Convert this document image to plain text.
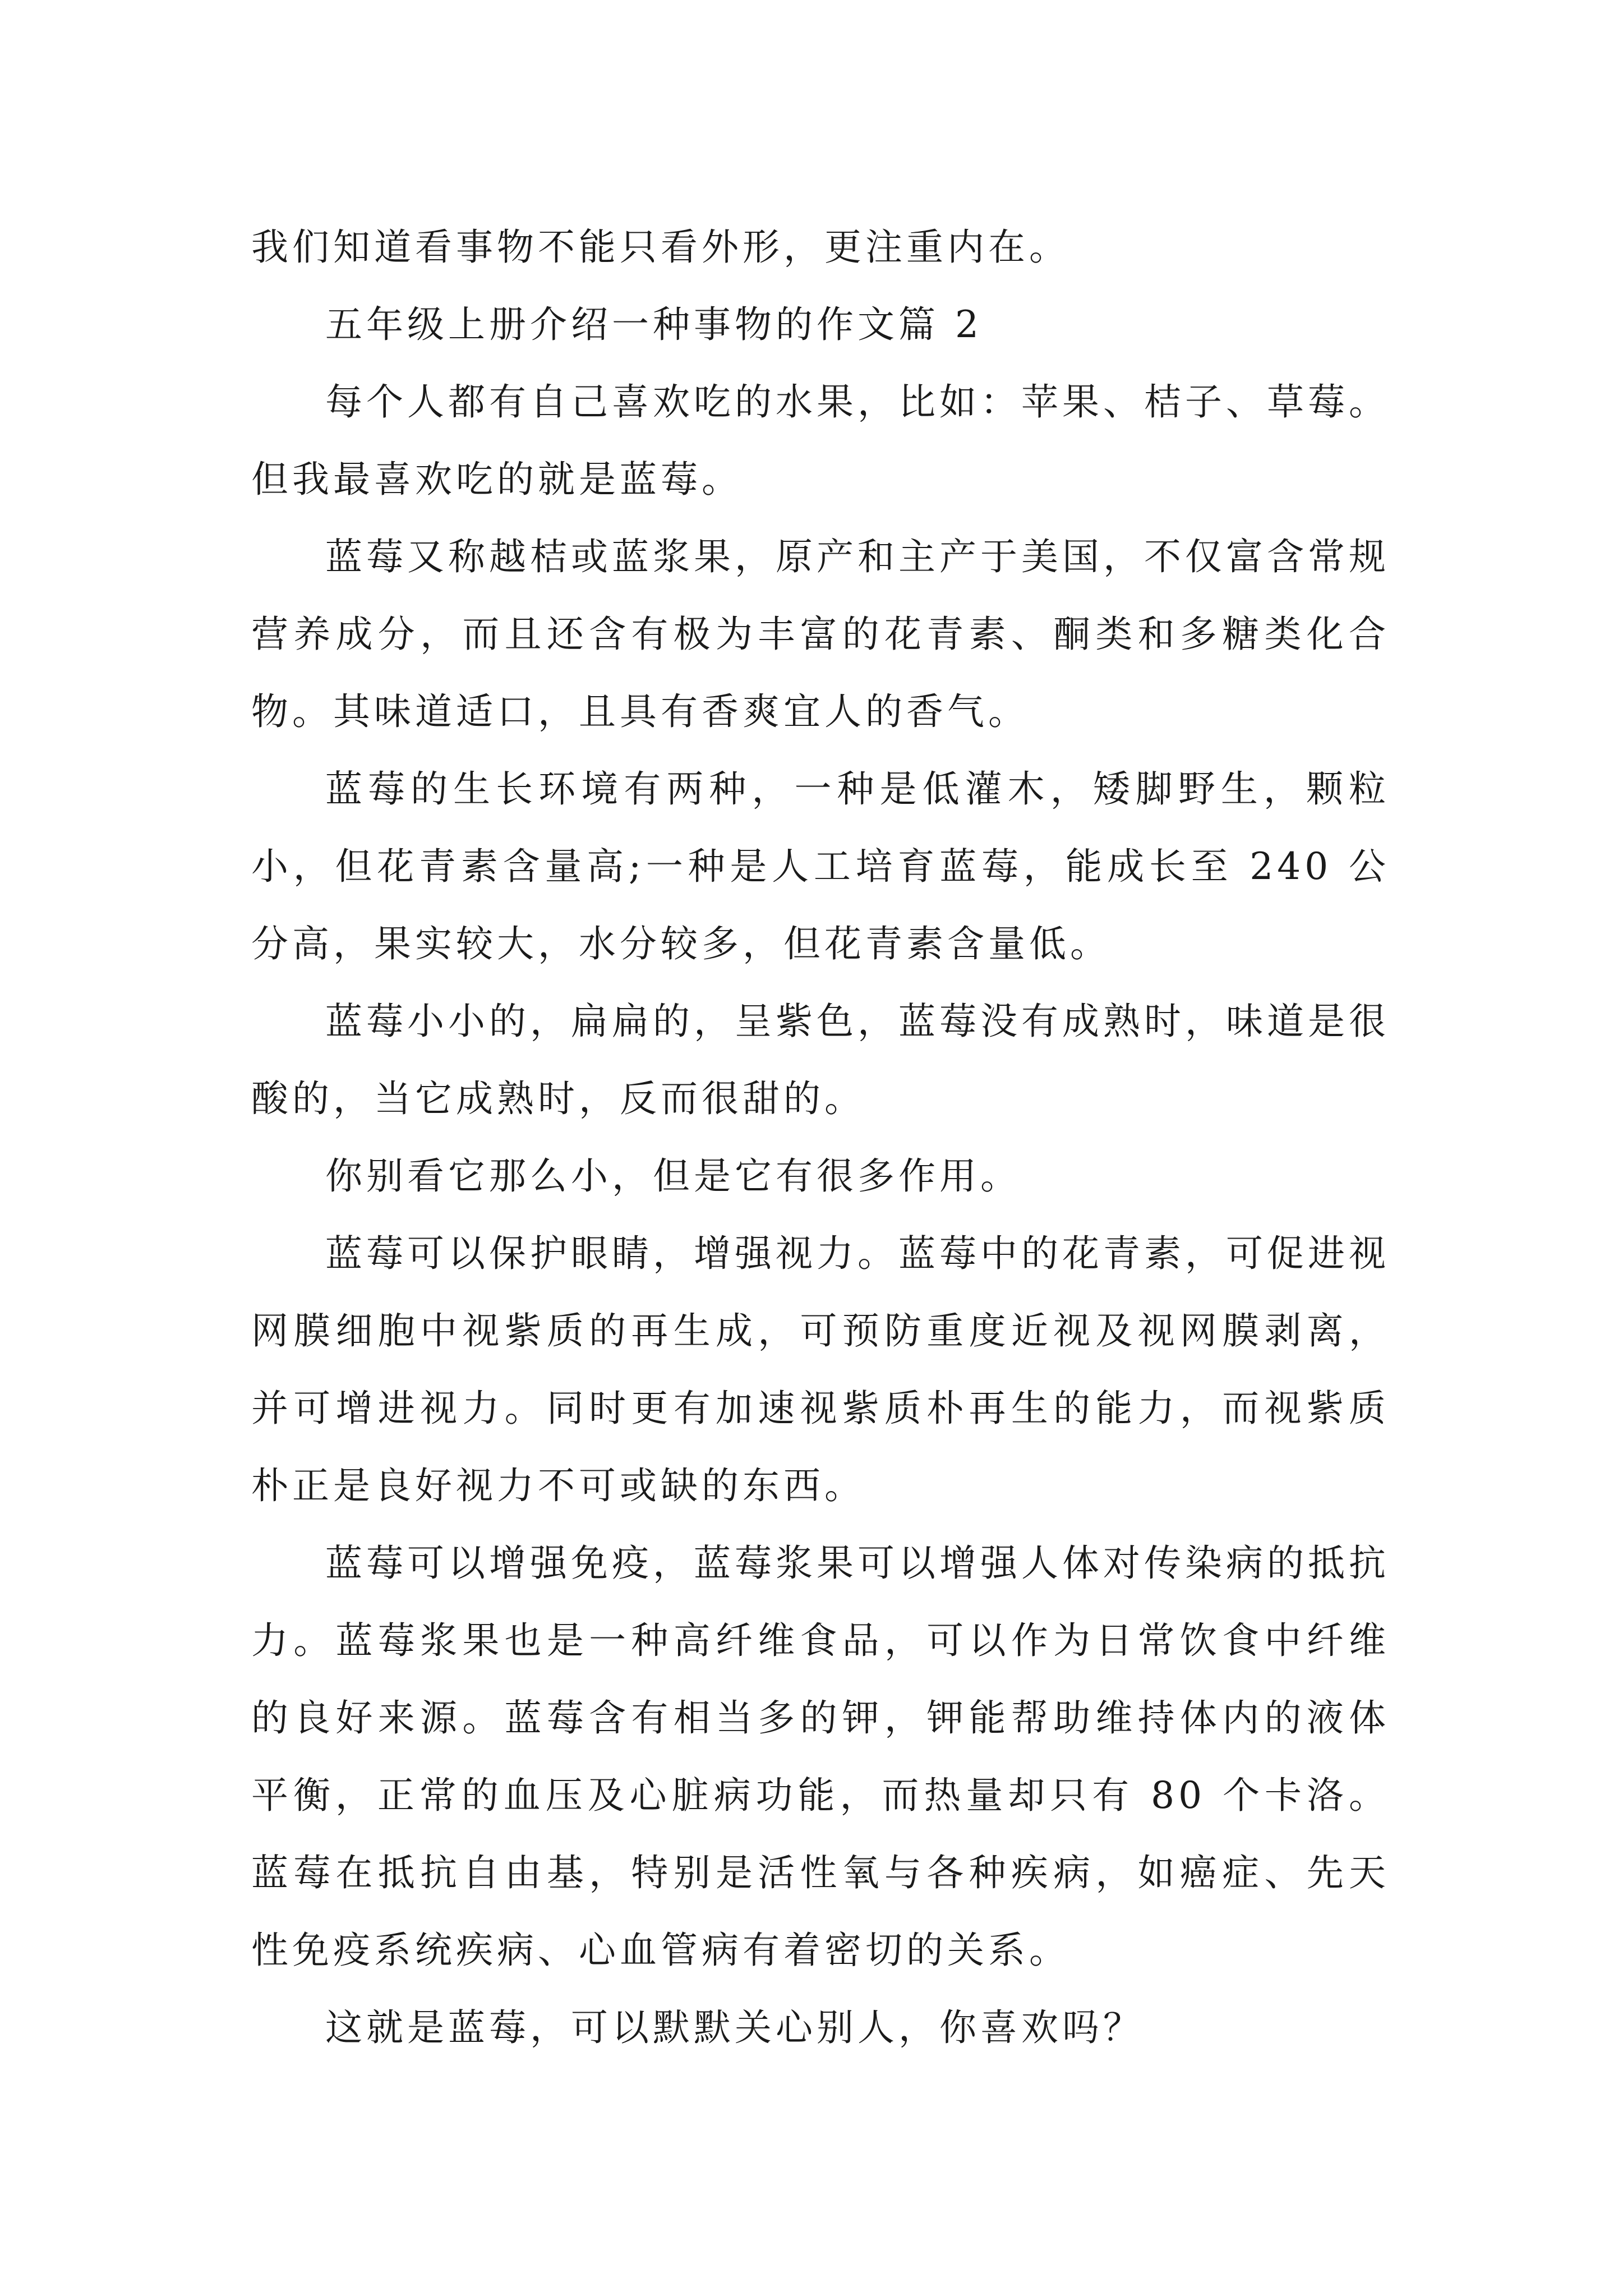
我们知道看事物不能只看外形，更注重内在。

五年级上册介绍一种事物的作文篇 2

每个人都有自己喜欢吃的水果，比如：苹果、桔子、草莓。但我最喜欢吃的就是蓝莓。

蓝莓又称越桔或蓝浆果，原产和主产于美国，不仅富含常规营养成分，而且还含有极为丰富的花青素、酮类和多糖类化合物。其味道适口，且具有香爽宜人的香气。

蓝莓的生长环境有两种，一种是低灌木，矮脚野生，颗粒小，但花青素含量高;一种是人工培育蓝莓，能成长至 240 公分高，果实较大，水分较多，但花青素含量低。

蓝莓小小的，扁扁的，呈紫色，蓝莓没有成熟时，味道是很酸的，当它成熟时，反而很甜的。

你别看它那么小，但是它有很多作用。

蓝莓可以保护眼睛，增强视力。蓝莓中的花青素，可促进视网膜细胞中视紫质的再生成，可预防重度近视及视网膜剥离，并可增进视力。同时更有加速视紫质朴再生的能力，而视紫质朴正是良好视力不可或缺的东西。

蓝莓可以增强免疫，蓝莓浆果可以增强人体对传染病的抵抗力。蓝莓浆果也是一种高纤维食品，可以作为日常饮食中纤维的良好来源。蓝莓含有相当多的钾，钾能帮助维持体内的液体平衡，正常的血压及心脏病功能，而热量却只有 80 个卡洛。蓝莓在抵抗自由基，特别是活性氧与各种疾病，如癌症、先天性免疫系统疾病、心血管病有着密切的关系。

这就是蓝莓，可以默默关心别人，你喜欢吗？
